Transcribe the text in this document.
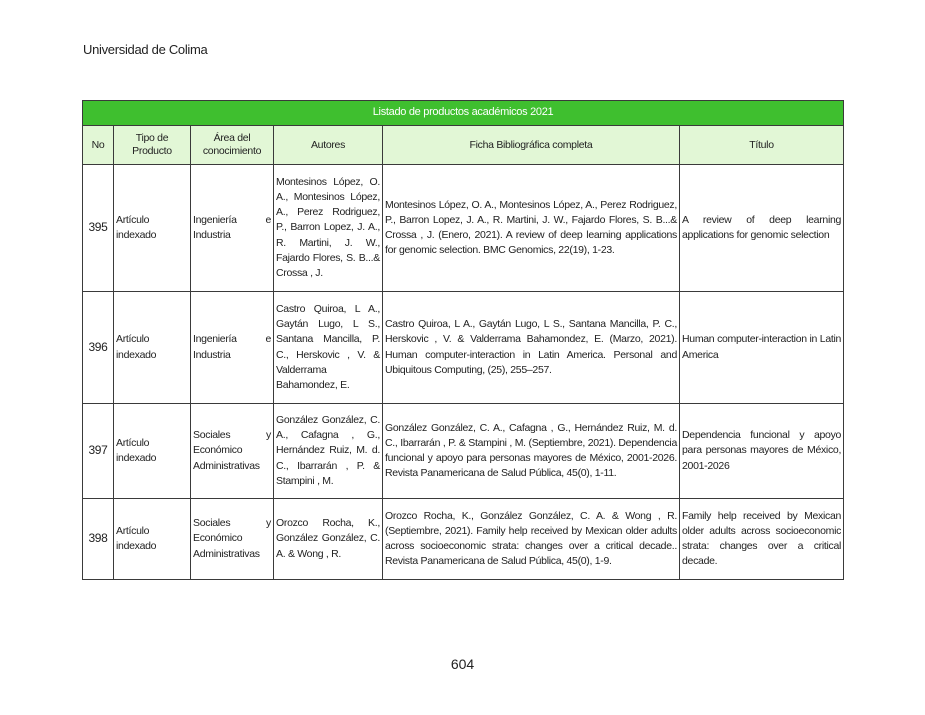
Universidad de Colima
Listado de productos académicos 2021					
No	Tipo de Producto	Área del conocimiento	Autores	Ficha Bibliográfica completa	Título
395	Artículo indexado	Ingeniería e Industria	Montesinos López, O. A., Montesinos López, A., Perez Rodriguez, P., Barron Lopez, J. A., R. Martini, J. W., Fajardo Flores, S. B...& Crossa , J.	Montesinos López, O. A., Montesinos López, A., Perez Rodriguez, P., Barron Lopez, J. A., R. Martini, J. W., Fajardo Flores, S. B...& Crossa , J. (Enero, 2021). A review of deep learning applications for genomic selection. BMC Genomics, 22(19), 1-23.	A review of deep learning applications for genomic selection
396	Artículo indexado	Ingeniería e Industria	Castro Quiroa, L A., Gaytán Lugo, L S., Santana Mancilla, P. C., Herskovic , V. & Valderrama Bahamondez, E.	Castro Quiroa, L A., Gaytán Lugo, L S., Santana Mancilla, P. C., Herskovic , V. & Valderrama Bahamondez, E. (Marzo, 2021). Human computer-interaction in Latin America. Personal and Ubiquitous Computing, (25), 255–257.	Human computer-interaction in Latin America
397	Artículo indexado	Sociales y Económico Administrativas	González González, C. A., Cafagna , G., Hernández Ruiz, M. d. C., Ibarrarán , P. & Stampini , M.	González González, C. A., Cafagna , G., Hernández Ruiz, M. d. C., Ibarrarán , P. & Stampini , M. (Septiembre, 2021). Dependencia funcional y apoyo para personas mayores de México, 2001-2026. Revista Panamericana de Salud Pública, 45(0), 1-11.	Dependencia funcional y apoyo para personas mayores de México, 2001-2026
398	Artículo indexado	Sociales y Económico Administrativas	Orozco Rocha, K., González González, C. A. & Wong , R.	Orozco Rocha, K., González González, C. A. & Wong , R. (Septiembre, 2021). Family help received by Mexican older adults across socioeconomic strata: changes over a critical decade.. Revista Panamericana de Salud Pública, 45(0), 1-9.	Family help received by Mexican older adults across socioeconomic strata: changes over a critical decade.
604
